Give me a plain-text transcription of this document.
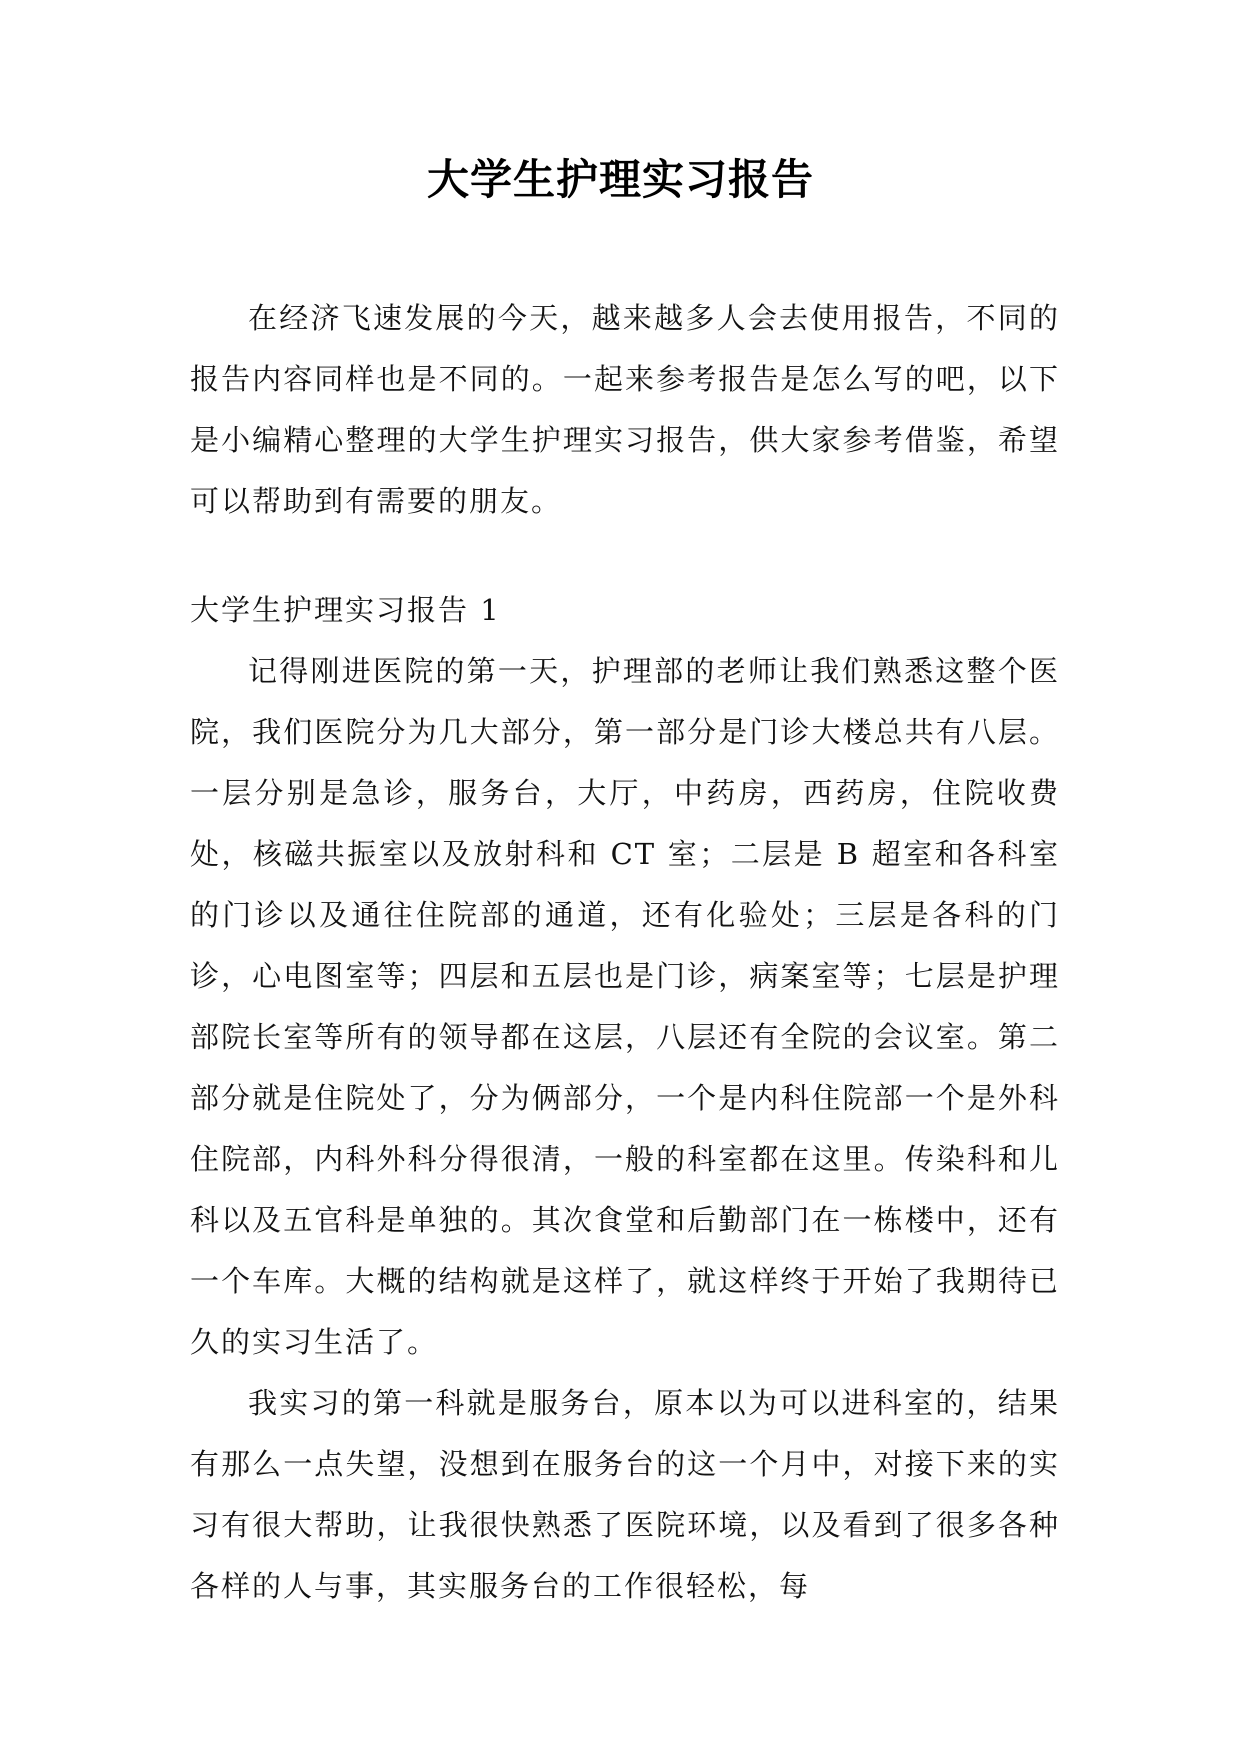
大学生护理实习报告

在经济飞速发展的今天，越来越多人会去使用报告，不同的报告内容同样也是不同的。一起来参考报告是怎么写的吧，以下是小编精心整理的大学生护理实习报告，供大家参考借鉴，希望可以帮助到有需要的朋友。

大学生护理实习报告 1

记得刚进医院的第一天，护理部的老师让我们熟悉这整个医院，我们医院分为几大部分，第一部分是门诊大楼总共有八层。一层分别是急诊，服务台，大厅，中药房，西药房，住院收费处，核磁共振室以及放射科和 CT 室；二层是 B 超室和各科室的门诊以及通往住院部的通道，还有化验处；三层是各科的门诊，心电图室等；四层和五层也是门诊，病案室等；七层是护理部院长室等所有的领导都在这层，八层还有全院的会议室。第二部分就是住院处了，分为俩部分，一个是内科住院部一个是外科住院部，内科外科分得很清，一般的科室都在这里。传染科和儿科以及五官科是单独的。其次食堂和后勤部门在一栋楼中，还有一个车库。大概的结构就是这样了，就这样终于开始了我期待已久的实习生活了。

我实习的第一科就是服务台，原本以为可以进科室的，结果有那么一点失望，没想到在服务台的这一个月中，对接下来的实习有很大帮助，让我很快熟悉了医院环境，以及看到了很多各种各样的人与事，其实服务台的工作很轻松，每
